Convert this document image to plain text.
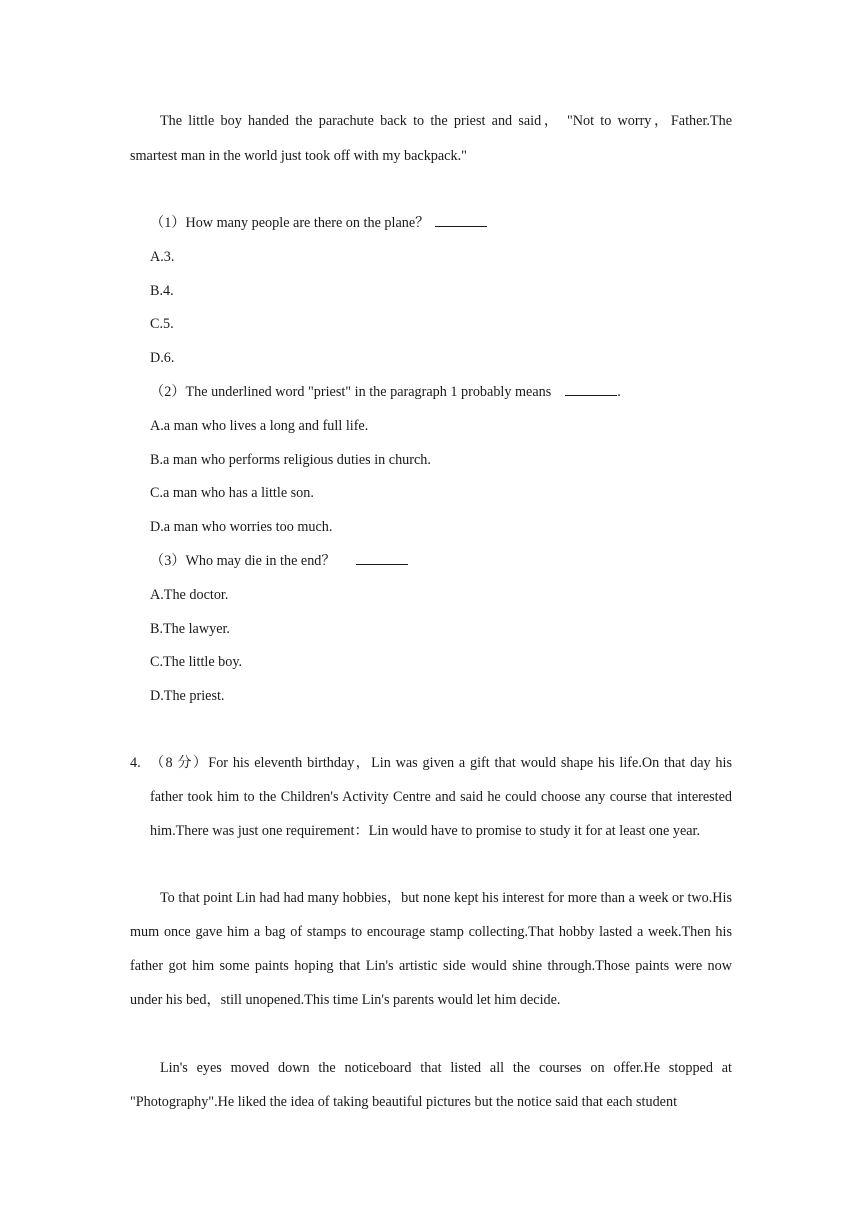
The little boy handed the parachute back to the priest and said， "Not to worry，Father.The smartest man in the world just took off with my backpack."

（1）How many people are there on the plane？
A.3.
B.4.
C.5.
D.6.
（2）The underlined word "priest" in the paragraph 1 probably means	.
A.a man who lives a long and full life.
B.a man who performs religious duties in church.
C.a man who has a little son.
D.a man who worries too much.
（3）Who may die in the end？
A.The doctor.
B.The lawyer.
C.The little boy.
D.The priest.
4. （8 分）For his eleventh birthday，Lin was given a gift that would shape his life.On that day his father took him to the Children's Activity Centre and said he could choose any course that interested him.There was just one requirement：Lin would have to promise to study it for at least one year.

To that point Lin had had many hobbies，but none kept his interest for more than a week or two.His mum once gave him a bag of stamps to encourage stamp collecting.That hobby lasted a week.Then his father got him some paints hoping that Lin's artistic side would shine through.Those paints were now under his bed，still unopened.This time Lin's parents would let him decide.

Lin's eyes moved down the noticeboard that listed all the courses on offer.He stopped at "Photography".He liked the idea of taking beautiful pictures but the notice said that each student
